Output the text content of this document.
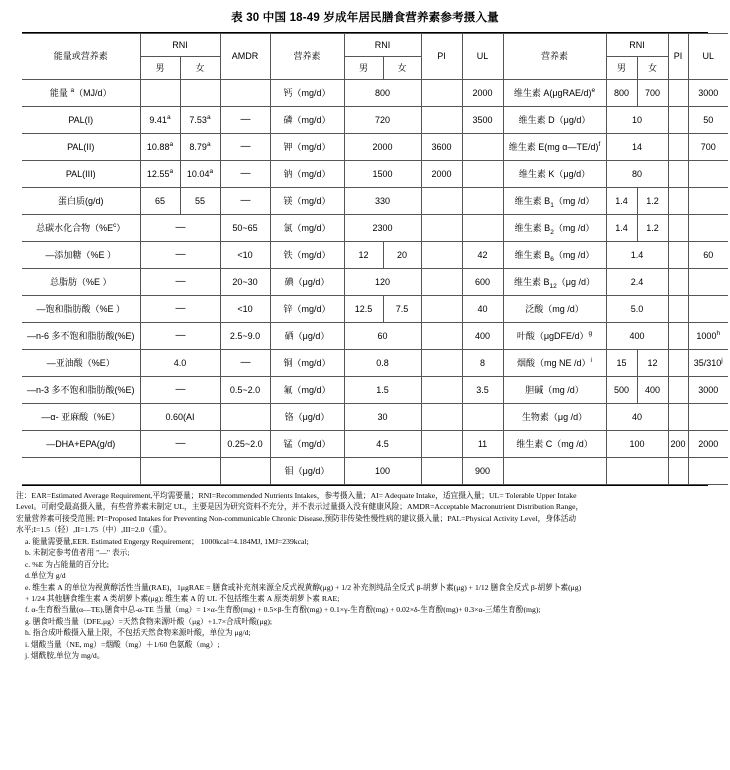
表 30 中国 18-49 岁成年居民膳食营养素参考摄入量
能量或营养素	RNI		AMDR	营养素	RNI		PI	UL	营养素	RNI		PI	UL
	男	女			男	女				男	女		
能量 $^a$（MJ/d）				钙（mg/d）	800			2000	维生素 A(μgRAE/d)$^e$	800	700		3000
PAL(I)	9.41$^a$	7.53$^a$	—	磷（mg/d）	720			3500	维生素 D（μg/d）	10			50
PAL(II)	10.88$^a$	8.79$^a$	—	钾（mg/d）	2000		3600		维生素 E(mg α—TE/d)$^f$	14			700
PAL(III)	12.55$^a$	10.04$^a$	—	钠（mg/d）	1500		2000		维生素 K（μg/d）	80			
蛋白质(g/d)	65	55	—	镁（mg/d）	330				维生素 $B_1(mg$ /d）	1.4	1.2		
总碳水化合物$(\%E^c)$	—		50~65	氯（mg/d）	2300				维生素 $B_2(mg$ /d）	1.4	1.2		
—添加糖（%E ）	—		<10	铁（mg/d）	12	20		42	维生素 $B_6(mg$ /d）	1.4			60
总脂肪（%E ）	—		20~30	碘（μg/d）	120			600	维生素 $B_{12}(\mu g$ /d）	2.4			
—饱和脂肪酸（%E ）	—		<10	锌（mg/d）	12.5	7.5		40	泛酸（mg /d）	5.0			
—n-6 多不饱和脂肪酸(%E)	—		2.5~9.0	硒（μg/d）	60			400	叶酸（μgDFE/d）$^g$	400			1000$^h$
—亚油酸（%E）	4.0		—	铜（mg/d）	0.8			8	烟酸（mg NE /d）$^i$	15	12		35/310$^j$
—n-3 多不饱和脂肪酸(%E)	—		0.5~2.0	氟（mg/d）	1.5			3.5	胆碱（mg /d）	500	400		3000
—α- 亚麻酸（%E）	0.60(AI			铬（μg/d）	30				生物素（μg /d）	40			
—DHA+EPA(g/d)	—		0.25~2.0	锰（mg/d）	4.5			11	维生素 C（mg /d）	100		200	2000
				钼（μg/d）	100			900					

注：EAR=Estimated Average Requirement,平均需要量；RNI=Recommended Nutrients Intakes，参考摄入量；AI= Adequate Intake，适宜摄入量；UL= Tolerable Upper Intake

Level。可耐受最高摄入量，有些营养素未制定 UL，主要是因为研究资料不充分，并不表示过量摄入没有健康风险；AMDR=Acceptable Macronutrient Distribution Range，

宏量营养素可接受范围; PI=Proposed Intakes for Preventing Non-communicable Chronic Disease,预防非传染性慢性病的建议摄入量；PAL=Physical Activity Level，身体活动

水平;I=1.5（轻）,II=1.75（中）,III=2.0（重）。

a. 能量需要量,EER. Estimated Engergy Requirement； 1000kcal=4.184MJ, 1MJ=239kcal;

b. 未制定参考值者用 "—" 表示;

c. %E 为占能量的百分比;

d.单位为 g/d

e. 维生素 A 的单位为视黄醇活性当量(RAE)，1μgRAE = 膳食或补充剂来源全反式视黄醇(μg) + 1/2 补充剂纯品全反式 β-胡萝卜素(μg) + 1/12 膳食全反式 β-胡萝卜素(μg)

+ 1/24 其他膳食维生素 A 类胡萝卜素(μg); 维生素 A 的 UL 不包括维生素 A 原类胡萝卜素 RAE;

f. α-生育酚当量(α—TE),膳食中总-α-TE 当量（mg）= 1×α-生育酚(mg) + 0.5×β-生育酚(mg) + 0.1×γ-生育酚(mg) + 0.02×δ-生育酚(mg)+ 0.3×α-三烯生育酚(mg);

g. 膳食叶酸当量（DFE,μg）=天然食物来源叶酸（μg）+1.7×合成叶酸(μg);

h. 指合成叶酸摄入量上限，不包括天然食物来源叶酸，单位为 μg/d;

i. 烟酸当量（NE, mg）=烟酸（mg）＋1/60 色氨酸（mg）;

j. 烟酰胺,单位为 mg/d。
